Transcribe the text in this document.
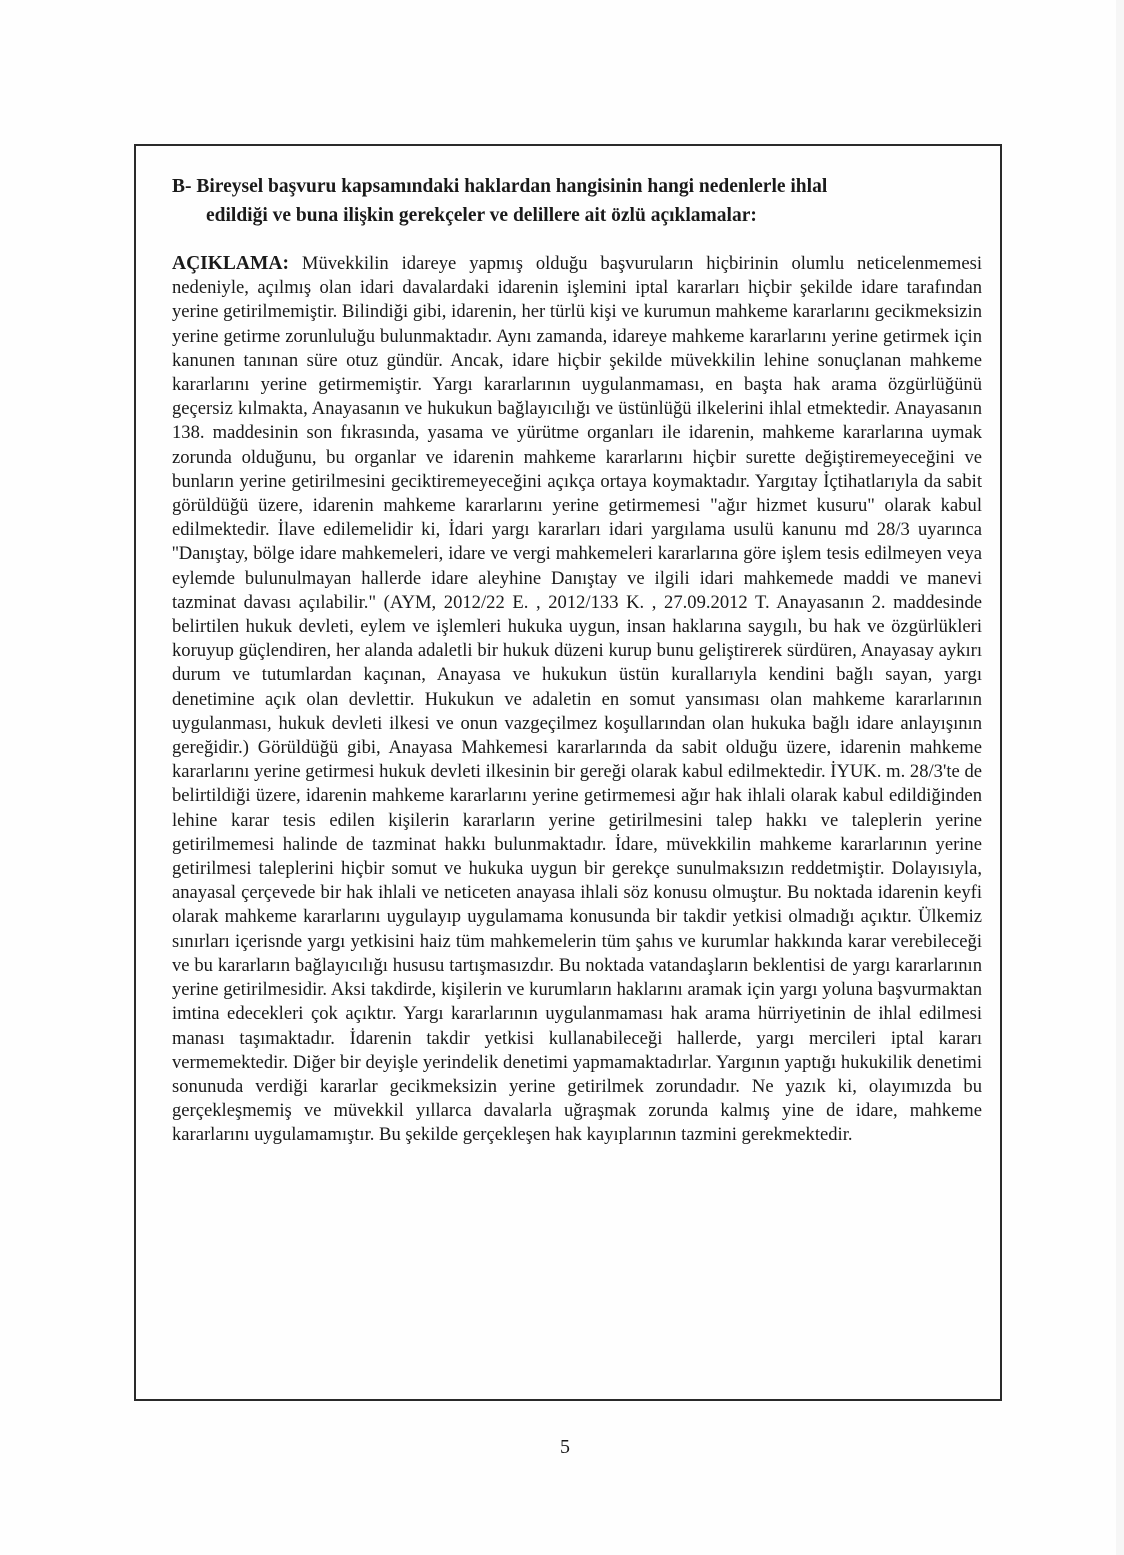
B- Bireysel başvuru kapsamındaki haklardan hangisinin hangi nedenlerle ihlal
edildiği ve buna ilişkin gerekçeler ve delillere ait özlü açıklamalar:

AÇIKLAMA: Müvekkilin idareye yapmış olduğu başvuruların hiçbirinin olumlu neticelenmemesi nedeniyle, açılmış olan idari davalardaki idarenin işlemini iptal kararları hiçbir şekilde idare tarafından yerine getirilmemiştir. Bilindiği gibi, idarenin, her türlü kişi ve kurumun mahkeme kararlarını gecikmeksizin yerine getirme zorunluluğu bulunmaktadır. Aynı zamanda, idareye mahkeme kararlarını yerine getirmek için kanunen tanınan süre otuz gündür. Ancak, idare hiçbir şekilde müvekkilin lehine sonuçlanan mahkeme kararlarını yerine getirmemiştir. Yargı kararlarının uygulanmaması, en başta hak arama özgürlüğünü geçersiz kılmakta, Anayasanın ve hukukun bağlayıcılığı ve üstünlüğü ilkelerini ihlal etmektedir. Anayasanın 138. maddesinin son fıkrasında, yasama ve yürütme organları ile idarenin, mahkeme kararlarına uymak zorunda olduğunu, bu organlar ve idarenin mahkeme kararlarını hiçbir surette değiştiremeyeceğini ve bunların yerine getirilmesini geciktiremeyeceğini açıkça ortaya koymaktadır. Yargıtay İçtihatlarıyla da sabit görüldüğü üzere, idarenin mahkeme kararlarını yerine getirmemesi "ağır hizmet kusuru" olarak kabul edilmektedir. İlave edilemelidir ki, İdari yargı kararları idari yargılama usulü kanunu md 28/3 uyarınca ''Danıştay, bölge idare mahkemeleri, idare ve vergi mahkemeleri kararlarına göre işlem tesis edilmeyen veya eylemde bulunulmayan hallerde idare aleyhine Danıştay ve ilgili idari mahkemede maddi ve manevi tazminat davası açılabilir." (AYM, 2012/22 E. , 2012/133 K. , 27.09.2012 T. Anayasanın 2. maddesinde belirtilen hukuk devleti, eylem ve işlemleri hukuka uygun, insan haklarına saygılı, bu hak ve özgürlükleri koruyup güçlendiren, her alanda adaletli bir hukuk düzeni kurup bunu geliştirerek sürdüren, Anayasay aykırı durum ve tutumlardan kaçınan, Anayasa ve hukukun üstün kurallarıyla kendini bağlı sayan, yargı denetimine açık olan devlettir. Hukukun ve adaletin en somut yansıması olan mahkeme kararlarının uygulanması, hukuk devleti ilkesi ve onun vazgeçilmez koşullarından olan hukuka bağlı idare anlayışının gereğidir.) Görüldüğü gibi, Anayasa Mahkemesi kararlarında da sabit olduğu üzere, idarenin mahkeme kararlarını yerine getirmesi hukuk devleti ilkesinin bir gereği olarak kabul edilmektedir. İYUK. m. 28/3'te de belirtildiği üzere, idarenin mahkeme kararlarını yerine getirmemesi ağır hak ihlali olarak kabul edildiğinden lehine karar tesis edilen kişilerin kararların yerine getirilmesini talep hakkı ve taleplerin yerine getirilmemesi halinde de tazminat hakkı bulunmaktadır. İdare, müvekkilin mahkeme kararlarının yerine getirilmesi taleplerini hiçbir somut ve hukuka uygun bir gerekçe sunulmaksızın reddetmiştir. Dolayısıyla, anayasal çerçevede bir hak ihlali ve neticeten anayasa ihlali söz konusu olmuştur. Bu noktada idarenin keyfi olarak mahkeme kararlarını uygulayıp uygulamama konusunda bir takdir yetkisi olmadığı açıktır. Ülkemiz sınırları içerisnde yargı yetkisini haiz tüm mahkemelerin tüm şahıs ve kurumlar hakkında karar verebileceği ve bu kararların bağlayıcılığı hususu tartışmasızdır. Bu noktada vatandaşların beklentisi de yargı kararlarının yerine getirilmesidir. Aksi takdirde, kişilerin ve kurumların haklarını aramak için yargı yoluna başvurmaktan imtina edecekleri çok açıktır. Yargı kararlarının uygulanmaması hak arama hürriyetinin de ihlal edilmesi manası taşımaktadır. İdarenin takdir yetkisi kullanabileceği hallerde, yargı mercileri iptal kararı vermemektedir. Diğer bir deyişle yerindelik denetimi yapmamaktadırlar. Yargının yaptığı hukukilik denetimi sonunuda verdiği kararlar gecikmeksizin yerine getirilmek zorundadır. Ne yazık ki, olayımızda bu gerçekleşmemiş ve müvekkil yıllarca davalarla uğraşmak zorunda kalmış yine de idare, mahkeme kararlarını uygulamamıştır. Bu şekilde gerçekleşen hak kayıplarının tazmini gerekmektedir.

5
